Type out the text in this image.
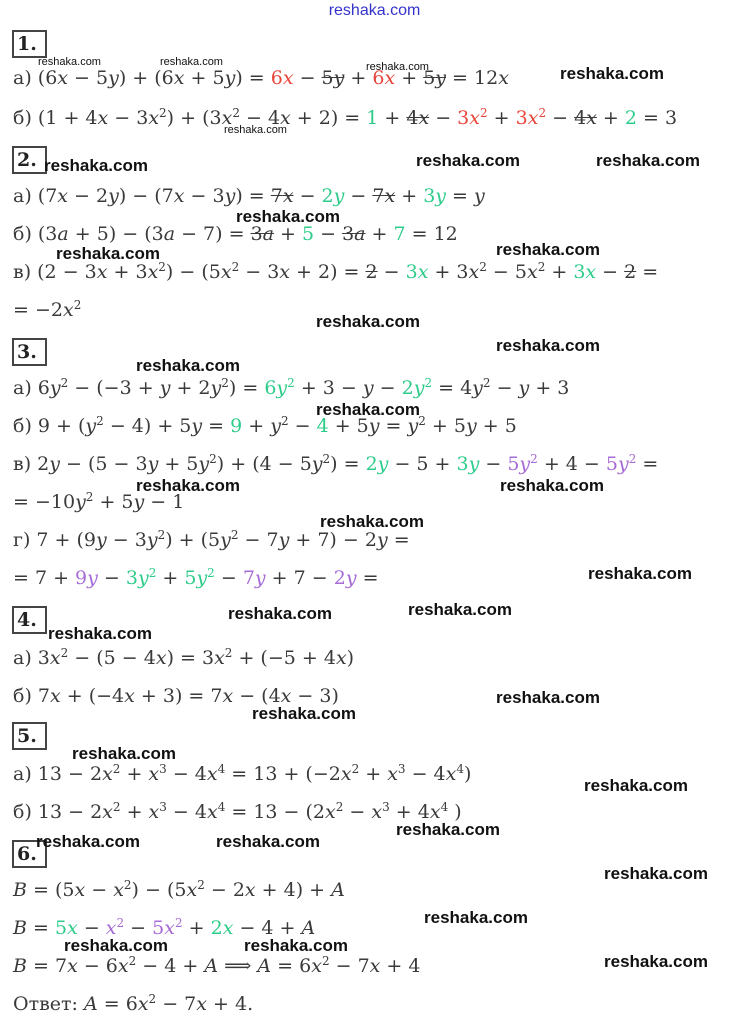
reshaka.com
1.
а) (6x − 5y) + (6x + 5y) = 6x − 5y + 6x + 5y = 12x
б) $(1 + 4x - 3x^2) + (3x^2 - 4x + 2) = 1 + 4x - 3x^2 + 3x^2 - 4x + 2 = 3$
2.
а) (7x − 2y) − (7x − 3y) = 7x − 2y − 7x + 3y = y
б) (3a + 5) − (3a − 7) = 3a + 5 − 3a + 7 = 12
в) $(2 - 3x + 3x^2) - (5x^2 - 3x + 2) = 2 - 3x + 3x^2 - 5x^2 + 3x - 2$ =
= $-2x^2$
3.
а) $6y^2 - (-3 + y + 2y^2) = 6y^2 + 3 - y - 2y^2 = 4y^2 - y + 3$
б) $9 + (y^2 - 4) + 5y = 9 + y^2 - 4 + 5y = y^2 + 5y + 5$
в) $2y - (5 - 3y + 5y^2) + (4 - 5y^2) = 2y - 5 + 3y - 5y^2 + 4 - 5y^2$ =
= $-10y^2 + 5y - 1$
г) $7 + (9y - 3y^2) + (5y^2 - 7y + 7) - 2y$ =
= $7 + 9y - 3y^2 + 5y^2 - 7y + 7 - 2y$ =
4.
а) $3x^2 - (5 - 4x) = 3x^2 + (-5 + 4x)$
б) 7x + (−4x + 3) = 7x − (4x − 3)
5.
а) $13 - 2x^2 + x^3 - 4x^4 = 13 + (-2x^2 + x^3 - 4x^4)$
б) $13 - 2x^2 + x^3 - 4x^4 = 13 - (2x^2 - x^3 + 4x^4$ )
6.
$B = (5x - x^2) - (5x^2 - 2x + 4) + A$
$B = 5x - x^2 - 5x^2 + 2x - 4 + A$
$B = 7x - 6x^2 - 4 + A$ ⟹ $A = 6x^2 - 7x + 4$
Ответ: $A = 6x^2 - 7x + 4$.
reshaka.com	reshaka.com	reshaka.com
reshaka.com
reshaka.com
reshaka.com	reshaka.com	reshaka.com
reshaka.com
reshaka.com	reshaka.com
reshaka.com
reshaka.com
reshaka.com
reshaka.com
reshaka.com	reshaka.com
reshaka.com
reshaka.com
reshaka.com	reshaka.com
reshaka.com
reshaka.com
reshaka.com
reshaka.com
reshaka.com
reshaka.com
reshaka.com	reshaka.com
reshaka.com
reshaka.com
reshaka.com	reshaka.com
reshaka.com
